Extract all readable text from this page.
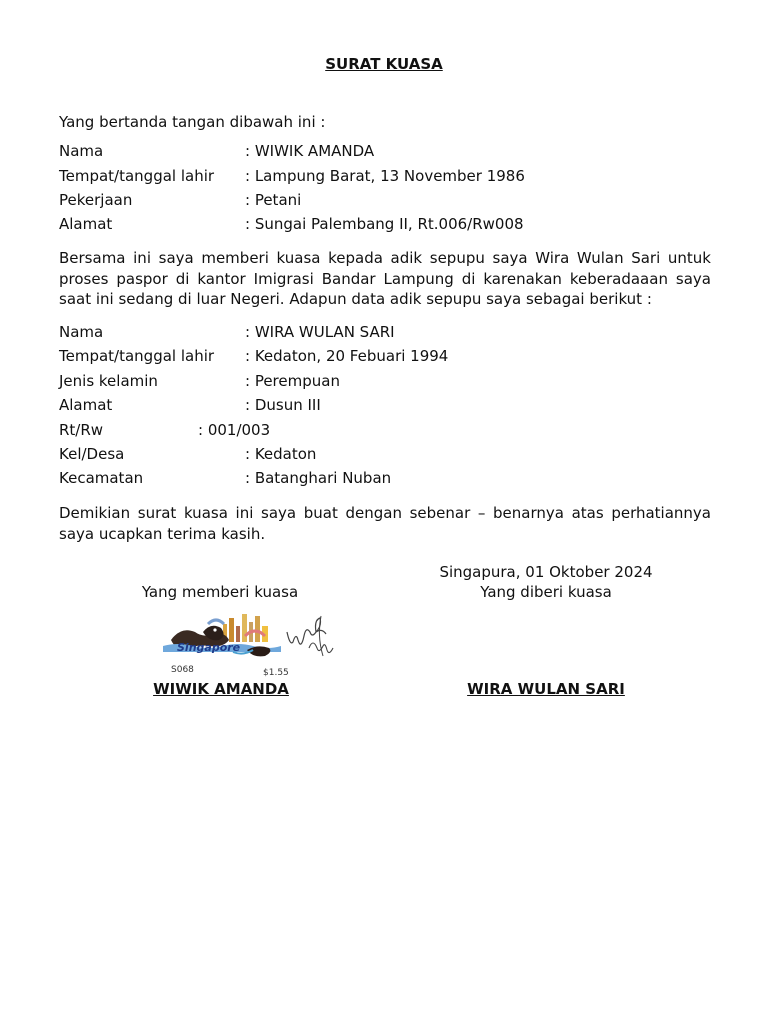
SURAT KUASA
Yang bertanda tangan dibawah ini :
Nama	: WIWIK AMANDA
Tempat/tanggal lahir : Lampung Barat, 13 November 1986
Pekerjaan	: Petani
Alamat	: Sungai Palembang II, Rt.006/Rw008
Bersama ini saya memberi kuasa kepada adik sepupu saya Wira Wulan Sari untuk proses paspor di kantor Imigrasi Bandar Lampung di karenakan keberadaaan saya saat ini sedang di luar Negeri. Adapun data adik sepupu saya sebagai berikut :
Nama	: WIRA WULAN SARI
Tempat/tanggal lahir : Kedaton, 20 Febuari 1994
Jenis kelamin	: Perempuan
Alamat	: Dusun III
Rt/Rw	: 001/003
Kel/Desa	: Kedaton
Kecamatan	: Batanghari Nuban
Demikian surat kuasa ini saya buat dengan sebenar – benarnya atas perhatiannya saya ucapkan terima kasih.
Singapura, 01 Oktober 2024
Yang memberi kuasa	Yang diberi kuasa
Singapore
S068	$1.55
WIWIK AMANDA	WIRA WULAN SARI
